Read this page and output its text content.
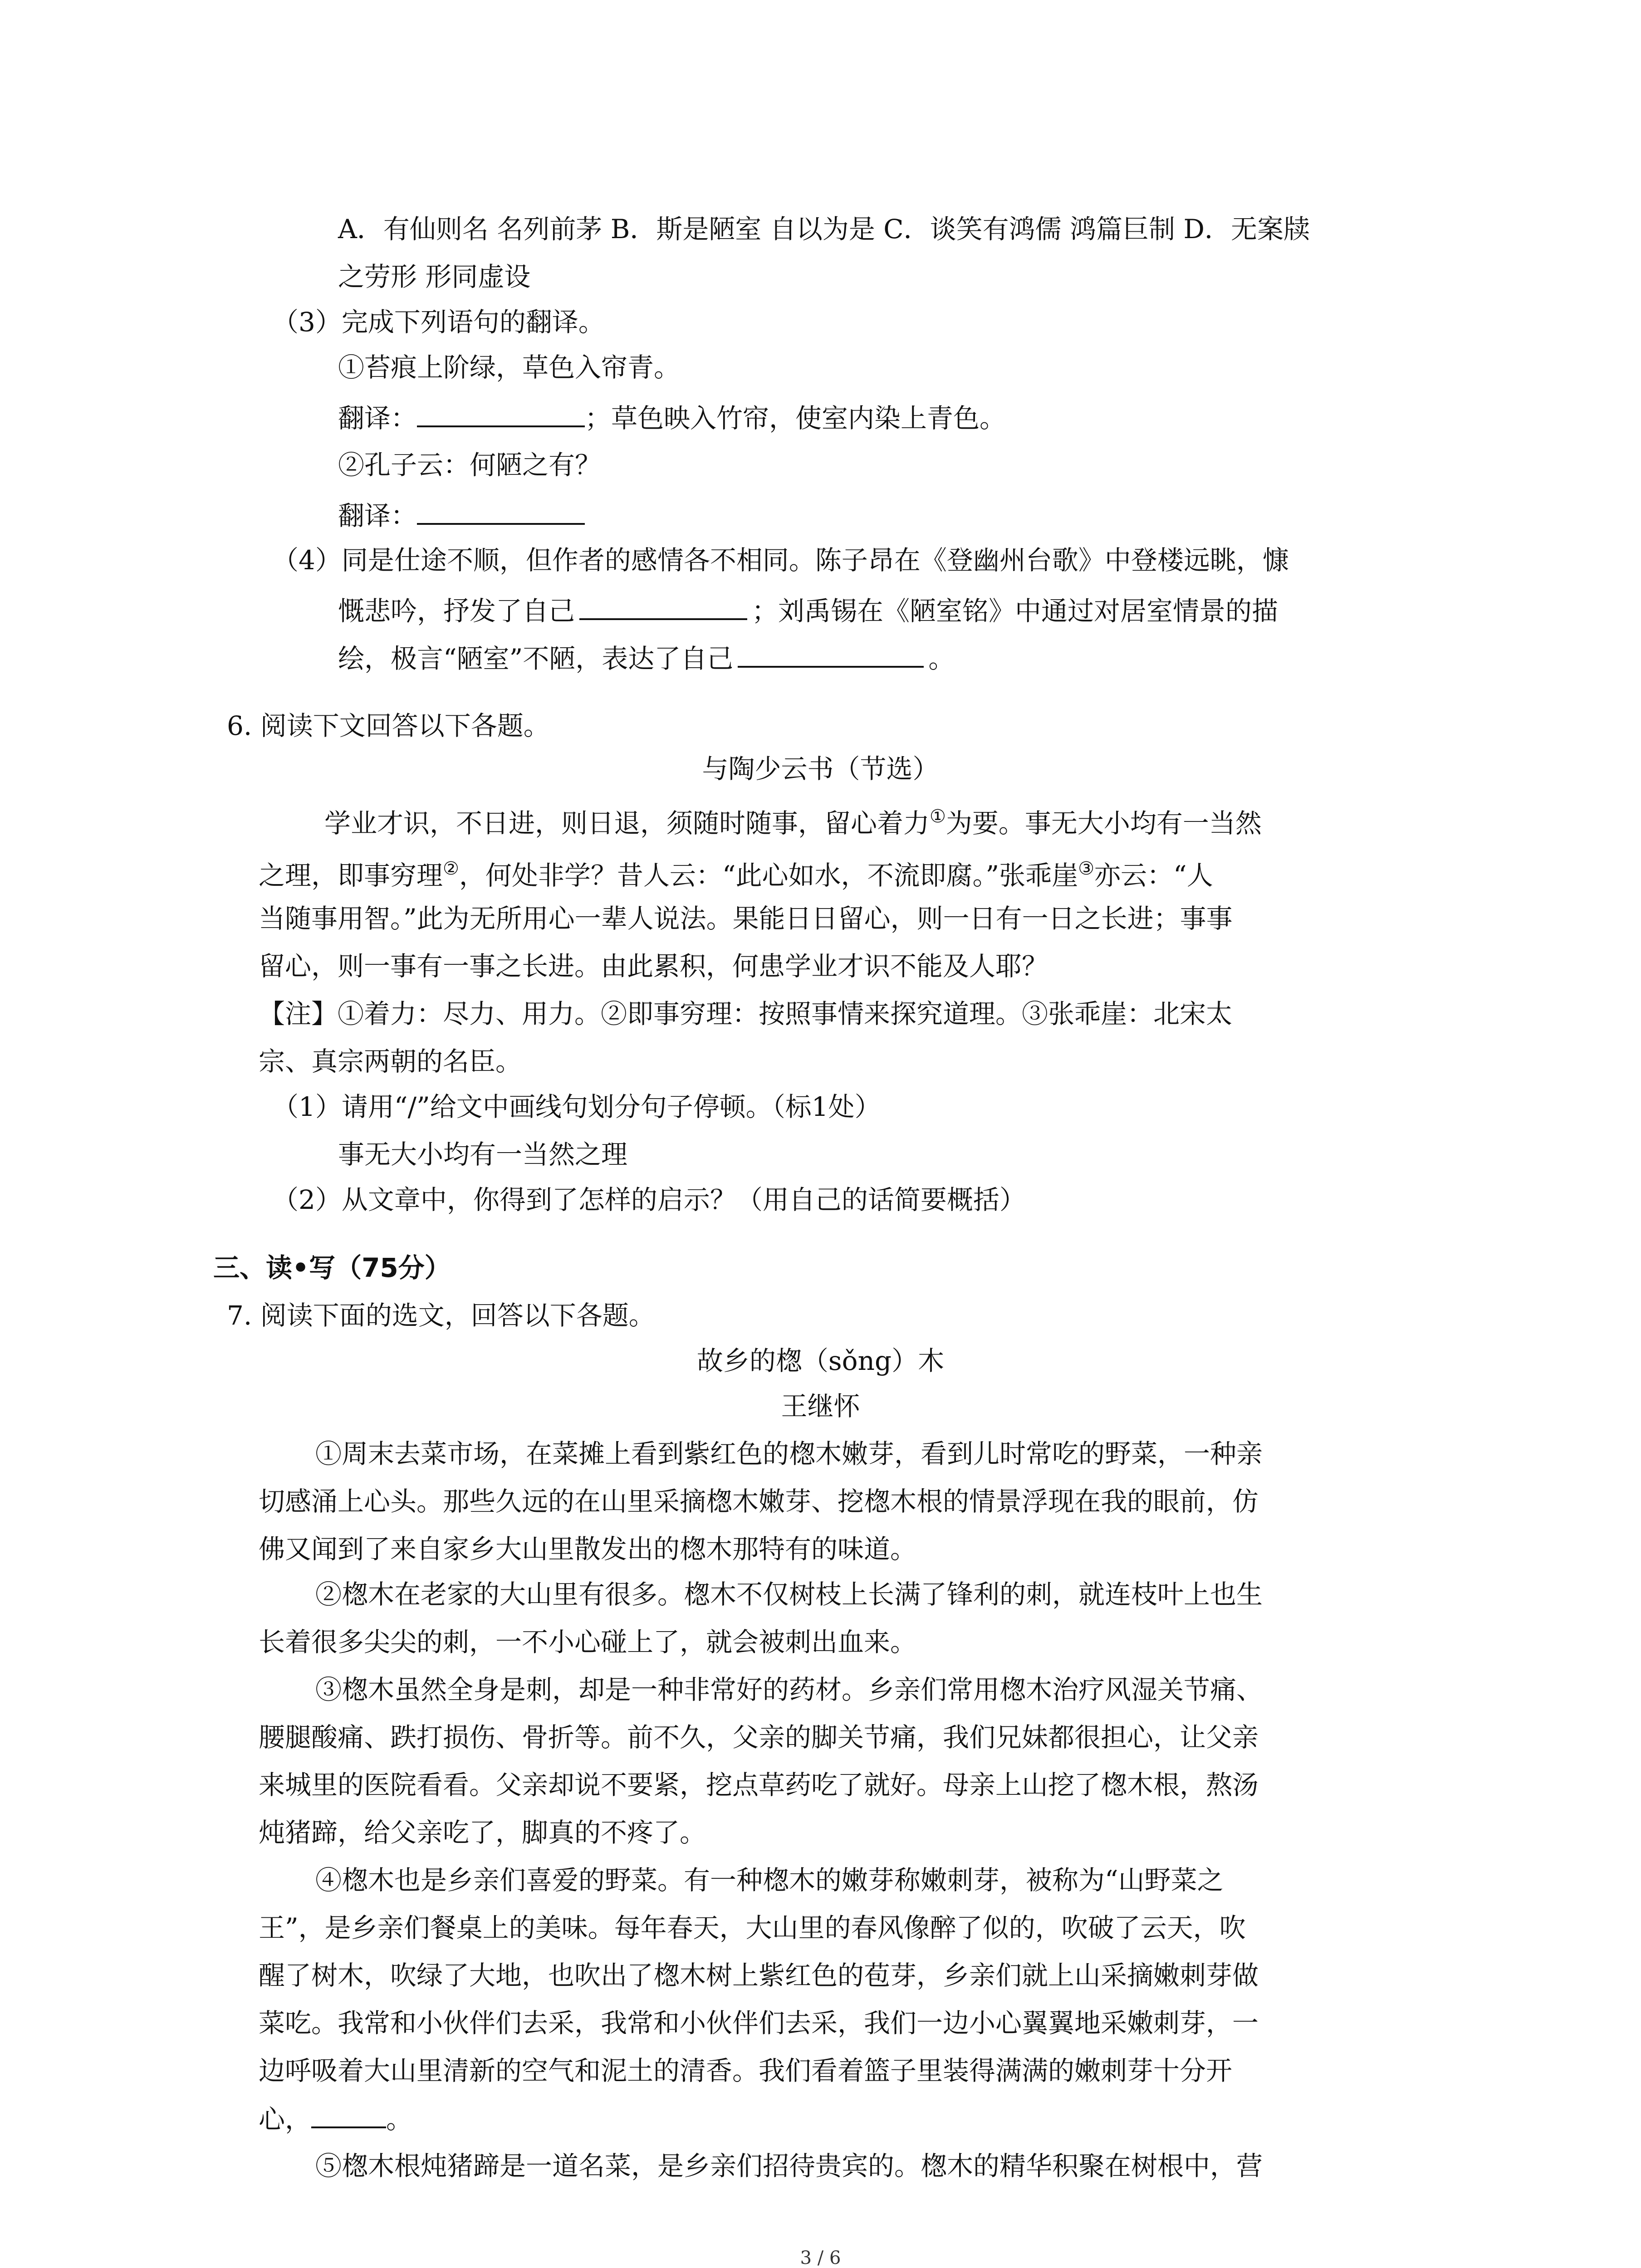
A．有仙则名 名列前茅 B．斯是陋室 自以为是 C．谈笑有鸿儒 鸿篇巨制 D．无案牍
之劳形 形同虚设
（3）完成下列语句的翻译。
①苔痕上阶绿，草色入帘青。
翻译：	；草色映入竹帘，使室内染上青色。
②孔子云：何陋之有？
翻译：
（4）同是仕途不顺，但作者的感情各不相同。陈子昂在《登幽州台歌》中登楼远眺，慷
慨悲吟，抒发了自己	；刘禹锡在《陋室铭》中通过对居室情景的描
绘，极言“陋室”不陋，表达了自己	。
6. 阅读下文回答以下各题。
与陶少云书（节选）
学业才识，不日进，则日退，须随时随事，留心着力①为要。事无大小均有一当然
之理，即事穷理②，何处非学？昔人云：“此心如水，不流即腐。”张乖崖③亦云：“人
当随事用智。”此为无所用心一辈人说法。果能日日留心，则一日有一日之长进；事事
留心，则一事有一事之长进。由此累积，何患学业才识不能及人耶？
【注】①着力：尽力、用力。②即事穷理：按照事情来探究道理。③张乖崖：北宋太
宗、真宗两朝的名臣。
（1）请用“/”给文中画线句划分句子停顿。（标1处）
事无大小均有一当然之理
（2）从文章中，你得到了怎样的启示？（用自己的话简要概括）
三、读•写（75分）
7. 阅读下面的选文，回答以下各题。
故乡的楤（sǒng）木
王继怀
①周末去菜市场，在菜摊上看到紫红色的楤木嫩芽，看到儿时常吃的野菜，一种亲
切感涌上心头。那些久远的在山里采摘楤木嫩芽、挖楤木根的情景浮现在我的眼前，仿
佛又闻到了来自家乡大山里散发出的楤木那特有的味道。
②楤木在老家的大山里有很多。楤木不仅树枝上长满了锋利的刺，就连枝叶上也生
长着很多尖尖的刺，一不小心碰上了，就会被刺出血来。
③楤木虽然全身是刺，却是一种非常好的药材。乡亲们常用楤木治疗风湿关节痛、
腰腿酸痛、跌打损伤、骨折等。前不久，父亲的脚关节痛，我们兄妹都很担心，让父亲
来城里的医院看看。父亲却说不要紧，挖点草药吃了就好。母亲上山挖了楤木根，熬汤
炖猪蹄，给父亲吃了，脚真的不疼了。
④楤木也是乡亲们喜爱的野菜。有一种楤木的嫩芽称嫩刺芽，被称为“山野菜之
王”，是乡亲们餐桌上的美味。每年春天，大山里的春风像醉了似的，吹破了云天，吹
醒了树木，吹绿了大地，也吹出了楤木树上紫红色的苞芽，乡亲们就上山采摘嫩刺芽做
菜吃。我常和小伙伴们去采，我常和小伙伴们去采，我们一边小心翼翼地采嫩刺芽，一
边呼吸着大山里清新的空气和泥土的清香。我们看着篮子里装得满满的嫩刺芽十分开
心，	。
⑤楤木根炖猪蹄是一道名菜，是乡亲们招待贵宾的。楤木的精华积聚在树根中，营
3 / 6
